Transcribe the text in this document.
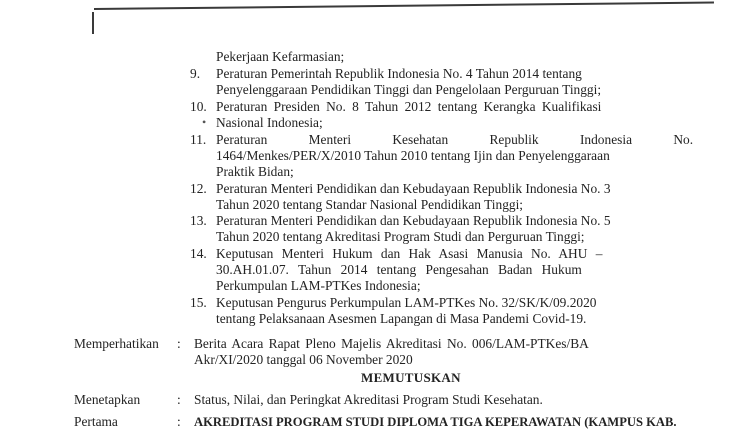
Pekerjaan Kefarmasian;
9. Peraturan Pemerintah Republik Indonesia No. 4 Tahun 2014 tentang
Penyelenggaraan Pendidikan Tinggi dan Pengelolaan Perguruan Tinggi;
10. Peraturan Presiden No. 8 Tahun 2012 tentang Kerangka Kualifikasi
Nasional Indonesia;
•
11. Peraturan Menteri Kesehatan Republik Indonesia No.
1464/Menkes/PER/X/2010 Tahun 2010 tentang Ijin dan Penyelenggaraan
Praktik Bidan;
12. Peraturan Menteri Pendidikan dan Kebudayaan Republik Indonesia No. 3
Tahun 2020 tentang Standar Nasional Pendidikan Tinggi;
13. Peraturan Menteri Pendidikan dan Kebudayaan Republik Indonesia No. 5
Tahun 2020 tentang Akreditasi Program Studi dan Perguruan Tinggi;
14. Keputusan Menteri Hukum dan Hak Asasi Manusia No. AHU –
30.AH.01.07. Tahun 2014 tentang Pengesahan Badan Hukum
Perkumpulan LAM-PTKes Indonesia;
15. Keputusan Pengurus Perkumpulan LAM-PTKes No. 32/SK/K/09.2020
tentang Pelaksanaan Asesmen Lapangan di Masa Pandemi Covid-19.
Memperhatikan : Berita Acara Rapat Pleno Majelis Akreditasi No. 006/LAM-PTKes/BA
Akr/XI/2020 tanggal 06 November 2020
MEMUTUSKAN
Menetapkan	: Status, Nilai, dan Peringkat Akreditasi Program Studi Kesehatan.
Pertama	: AKREDITASI PROGRAM STUDI DIPLOMA TIGA KEPERAWATAN (KAMPUS KAB.
